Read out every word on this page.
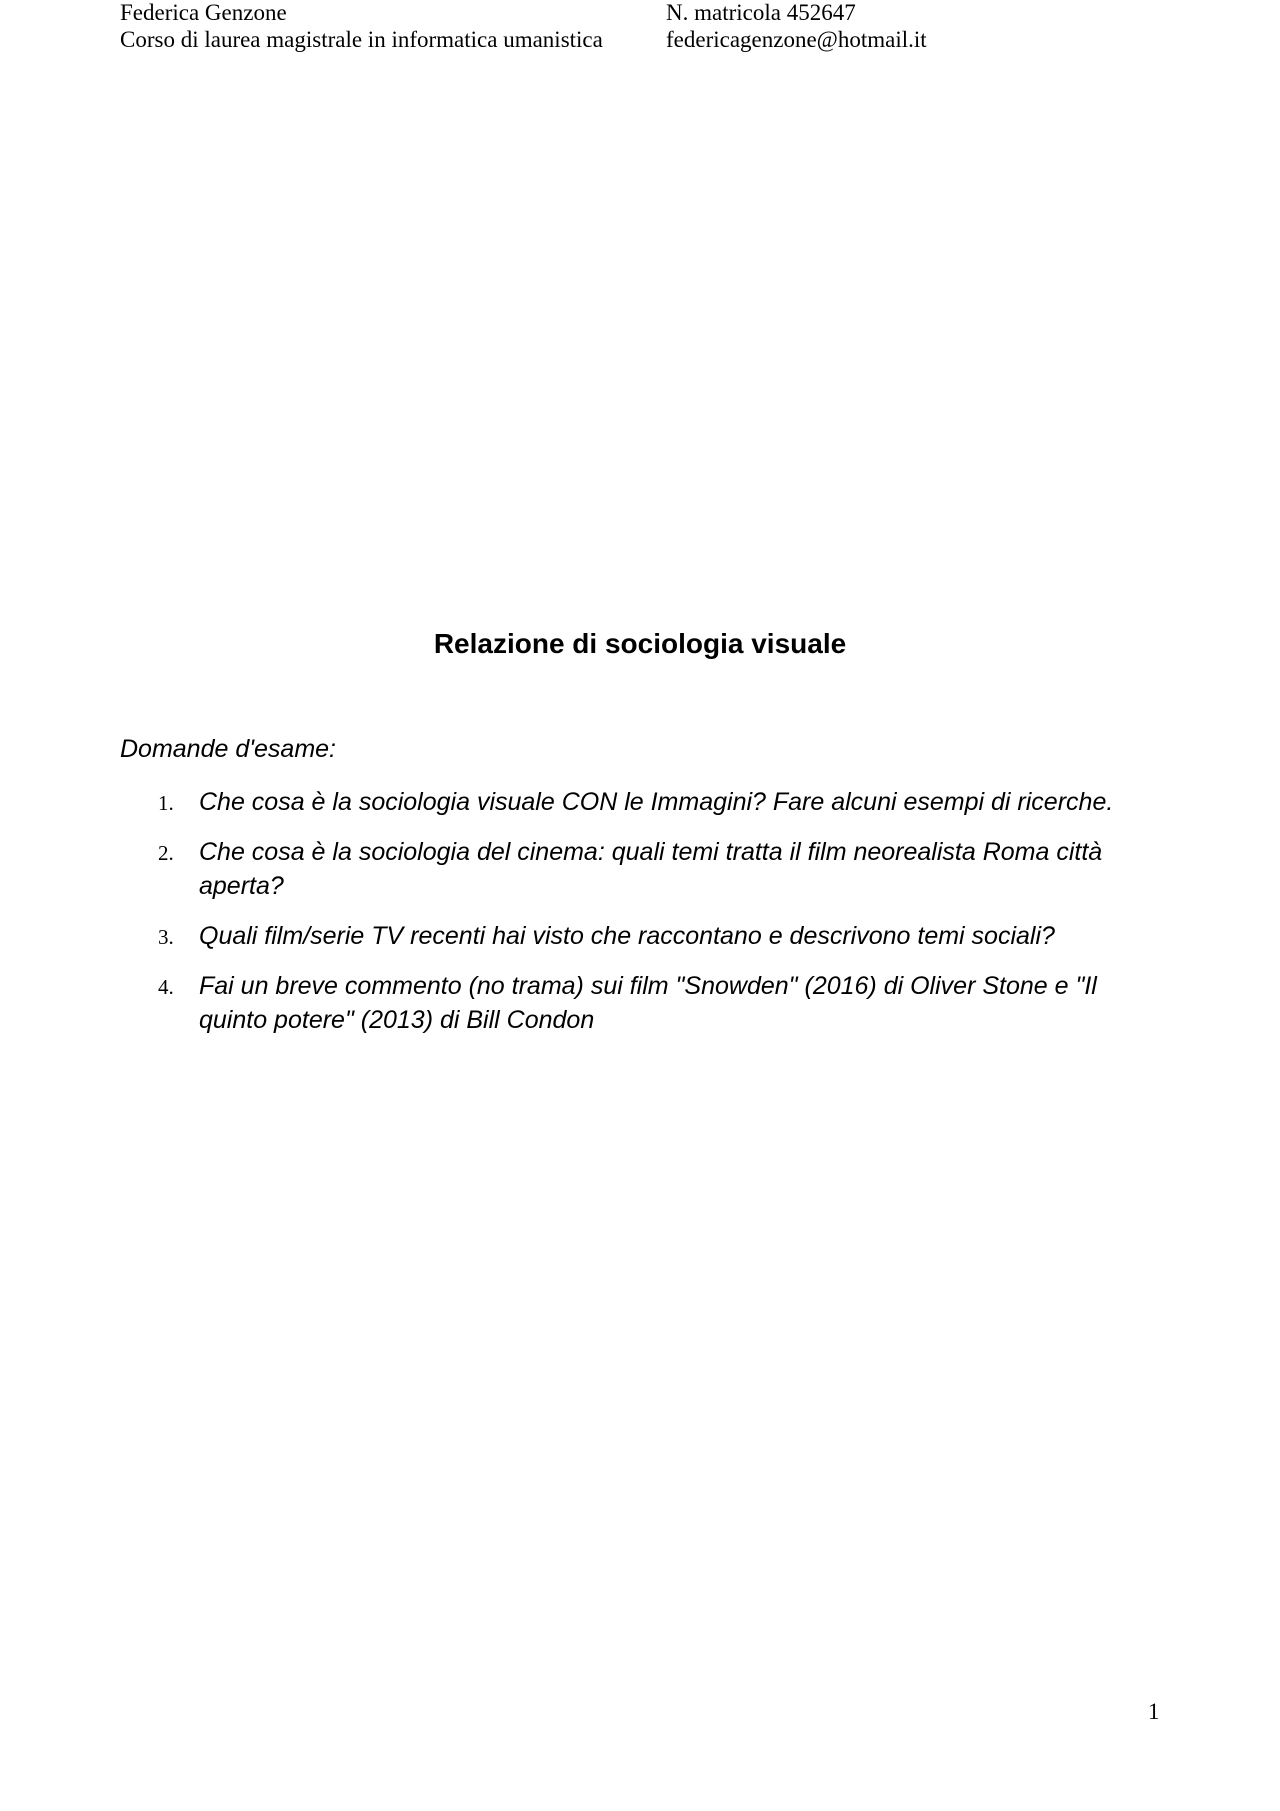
Federica Genzone
Corso di laurea magistrale in informatica umanistica
N. matricola 452647
federicagenzone@hotmail.it
Relazione di sociologia visuale
Domande d'esame:
1. Che cosa è la sociologia visuale CON le Immagini? Fare alcuni esempi di ricerche.
2. Che cosa è la sociologia del cinema: quali temi tratta il film neorealista Roma città aperta?
3. Quali film/serie TV recenti hai visto che raccontano e descrivono temi sociali?
4. Fai un breve commento (no trama) sui film "Snowden" (2016) di Oliver Stone e "Il quinto potere" (2013) di Bill Condon
1
